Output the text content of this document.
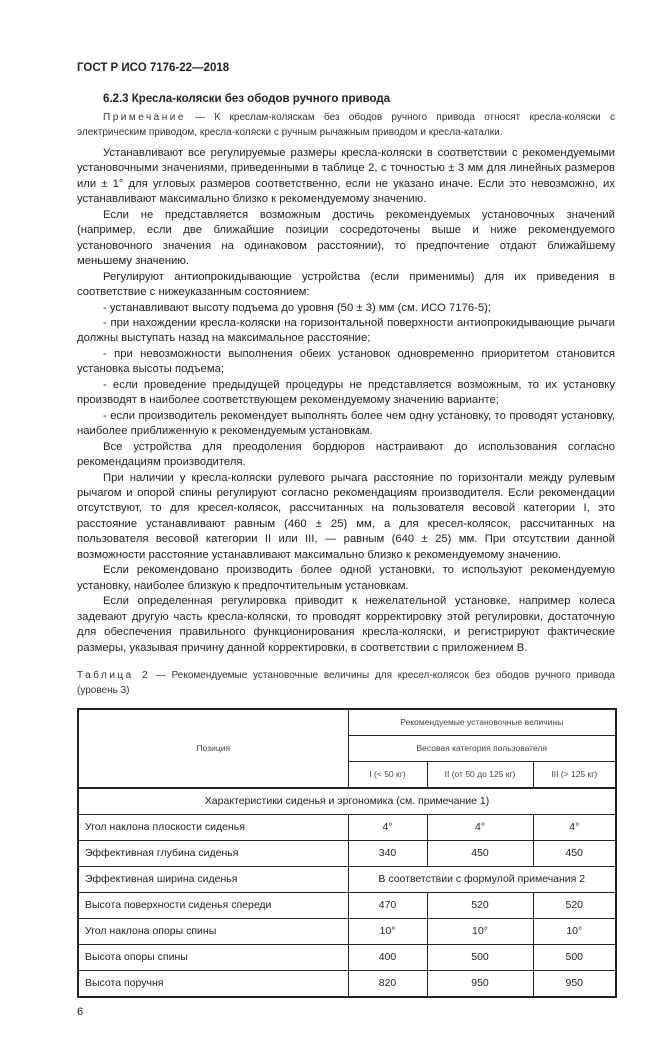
ГОСТ Р ИСО 7176-22—2018
6.2.3 Кресла-коляски без ободов ручного привода
Примечание — К креслам-коляскам без ободов ручного привода относят кресла-коляски с электрическим приводом, кресла-коляски с ручным рычажным приводом и кресла-каталки.

Устанавливают все регулируемые размеры кресла-коляски в соответствии с рекомендуемыми установочными значениями, приведенными в таблице 2, с точностью ± 3 мм для линейных размеров или ± 1° для угловых размеров соответственно, если не указано иначе. Если это невозможно, их устанавливают максимально близко к рекомендуемому значению.

Если не представляется возможным достичь рекомендуемых установочных значений (например, если две ближайшие позиции сосредоточены выше и ниже рекомендуемого установочного значения на одинаковом расстоянии), то предпочтение отдают ближайшему меньшему значению.

Регулируют антиопрокидывающие устройства (если применимы) для их приведения в соответствие с нижеуказанным состоянием:

- устанавливают высоту подъема до уровня (50 ± 3) мм (см. ИСО 7176-5);

- при нахождении кресла-коляски на горизонтальной поверхности антиопрокидывающие рычаги должны выступать назад на максимальное расстояние;

- при невозможности выполнения обеих установок одновременно приоритетом становится установка высоты подъема;

- если проведение предыдущей процедуры не представляется возможным, то их установку производят в наиболее соответствующем рекомендуемому значению варианте;

- если производитель рекомендует выполнять более чем одну установку, то проводят установку, наиболее приближенную к рекомендуемым установкам.

Все устройства для преодоления бордюров настраивают до использования согласно рекомендациям производителя.

При наличии у кресла-коляски рулевого рычага расстояние по горизонтали между рулевым рычагом и опорой спины регулируют согласно рекомендациям производителя. Если рекомендации отсутствуют, то для кресел-колясок, рассчитанных на пользователя весовой категории I, это расстояние устанавливают равным (460 ± 25) мм, а для кресел-колясок, рассчитанных на пользователя весовой категории II или III, — равным (640 ± 25) мм. При отсутствии данной возможности расстояние устанавливают максимально близко к рекомендуемому значению.

Если рекомендовано производить более одной установки, то используют рекомендуемую установку, наиболее близкую к предпочтительным установкам.

Если определенная регулировка приводит к нежелательной установке, например колеса задевают другую часть кресла-коляски, то проводят корректировку этой регулировки, достаточную для обеспечения правильного функционирования кресла-коляски, и регистрируют фактические размеры, указывая причину данной корректировки, в соответствии с приложением В.

Таблица 2 — Рекомендуемые установочные величины для кресел-колясок без ободов ручного привода (уровень 3)
Позиция	Рекомендуемые установочные величины		
	Весовая категория пользователя		
	I (< 50 кг)	II (от 50 до 125 кг)	III (> 125 кг)
Характеристики сиденья и эргономика (см. примечание 1)			
Угол наклона плоскости сиденья	4°	4°	4°
Эффективная глубина сиденья	340	450	450
Эффективная ширина сиденья	В соответствии с формулой примечания 2		
Высота поверхности сиденья спереди	470	520	520
Угол наклона опоры спины	10°	10°	10°
Высота опоры спины	400	500	500
Высота поручня	820	950	950
6
